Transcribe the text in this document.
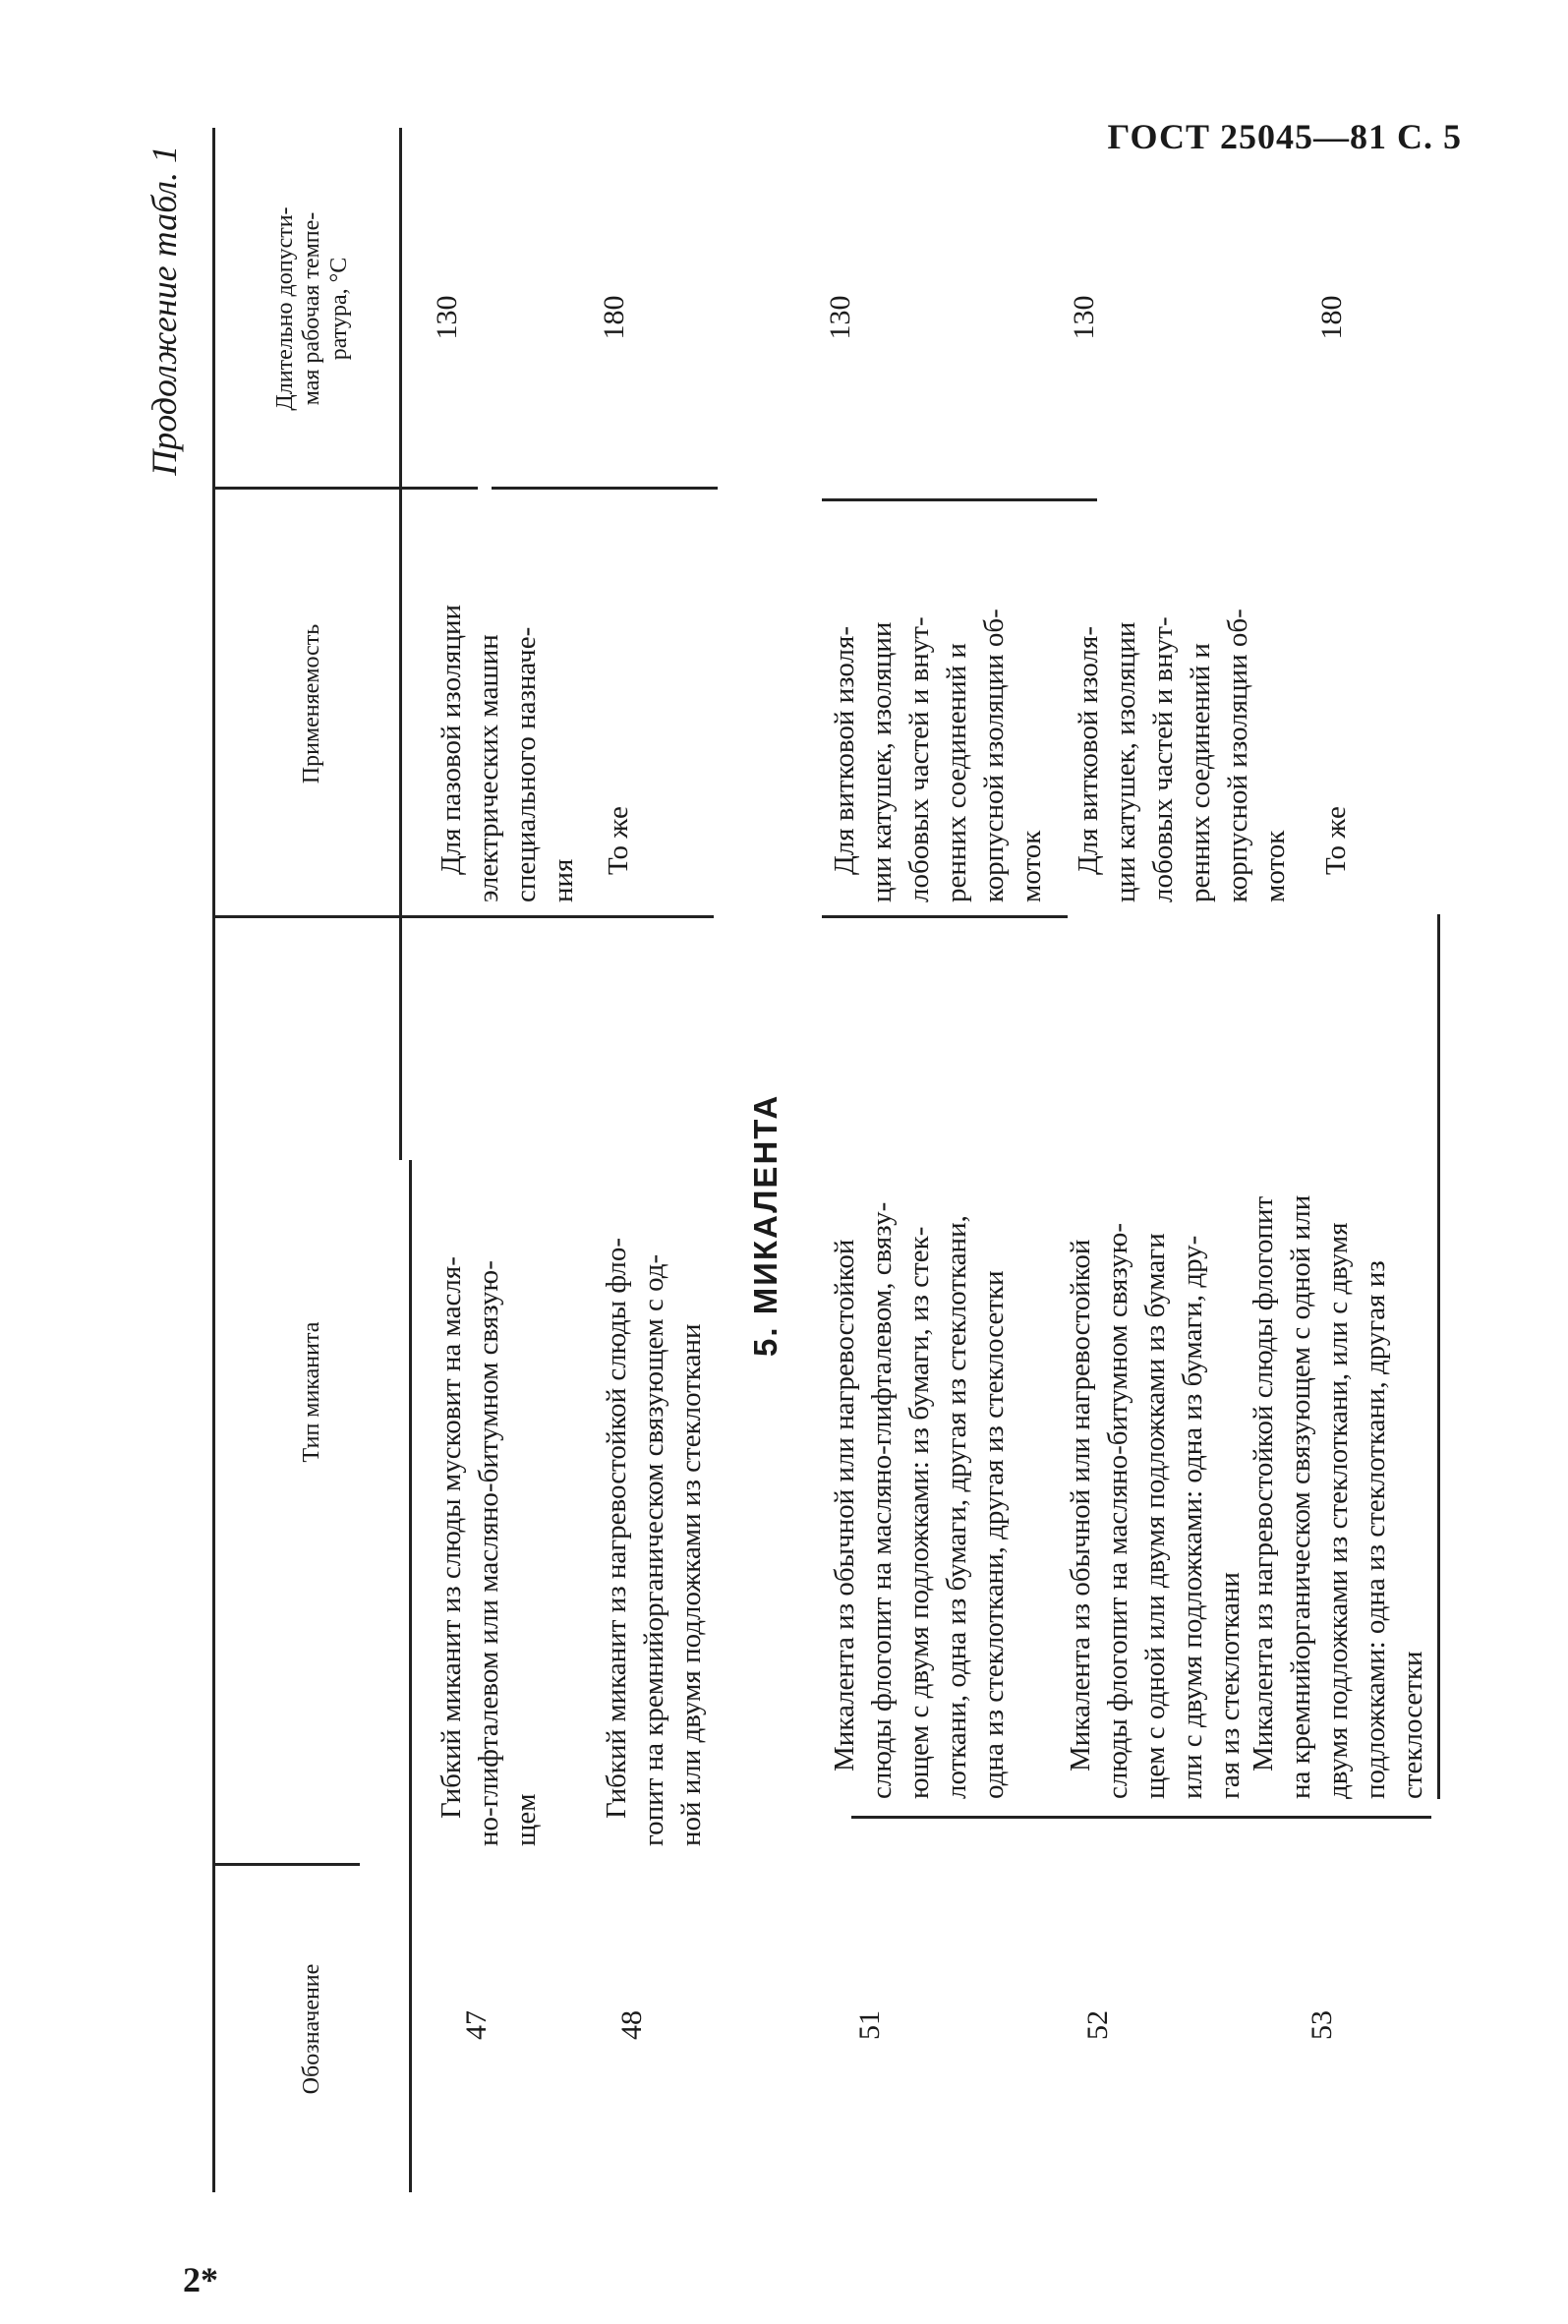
ГОСТ 25045—81 С. 5
2*
Продолжение табл. 1
Обозначение
Тип миканита
Применяемость
Длительно допусти- мая рабочая темпе- ратура, °С
47

Гибкий миканит из слюды мусковит на масля- но-глифталевом или масляно-битумном связую- щем

Для пазовой изоляции электрических машин специального назначе- ния

130
48

Гибкий миканит из нагревостойкой слюды фло- гопит на кремнийорганическом связующем с од- ной или двумя подложками из стеклоткани

То же

180
5. МИКАЛЕНТА
51

Микалента из обычной или нагревостойкой слюды флогопит на масляно-глифталевом, связу- ющем с двумя подложками: из бумаги, из стек- лоткани, одна из бумаги, другая из стеклоткани, одна из стеклоткани, другая из стеклосетки

Для витковой изоля- ции катушек, изоляции лобовых частей и внут- ренних соединений и корпусной изоляции об- моток

130
52

Микалента из обычной или нагревостойкой слюды флогопит на масляно-битумном связую- щем с одной или двумя подложками из бумаги или с двумя подложками: одна из бумаги, дру- гая из стеклоткани

Для витковой изоля- ции катушек, изоляции лобовых частей и внут- ренних соединений и корпусной изоляции об- моток

130
53

Микалента из нагревостойкой слюды флогопит на кремнийорганическом связующем с одной или двумя подложками из стеклоткани, или с двумя подложками: одна из стеклоткани, другая из стеклосетки

То же

180
